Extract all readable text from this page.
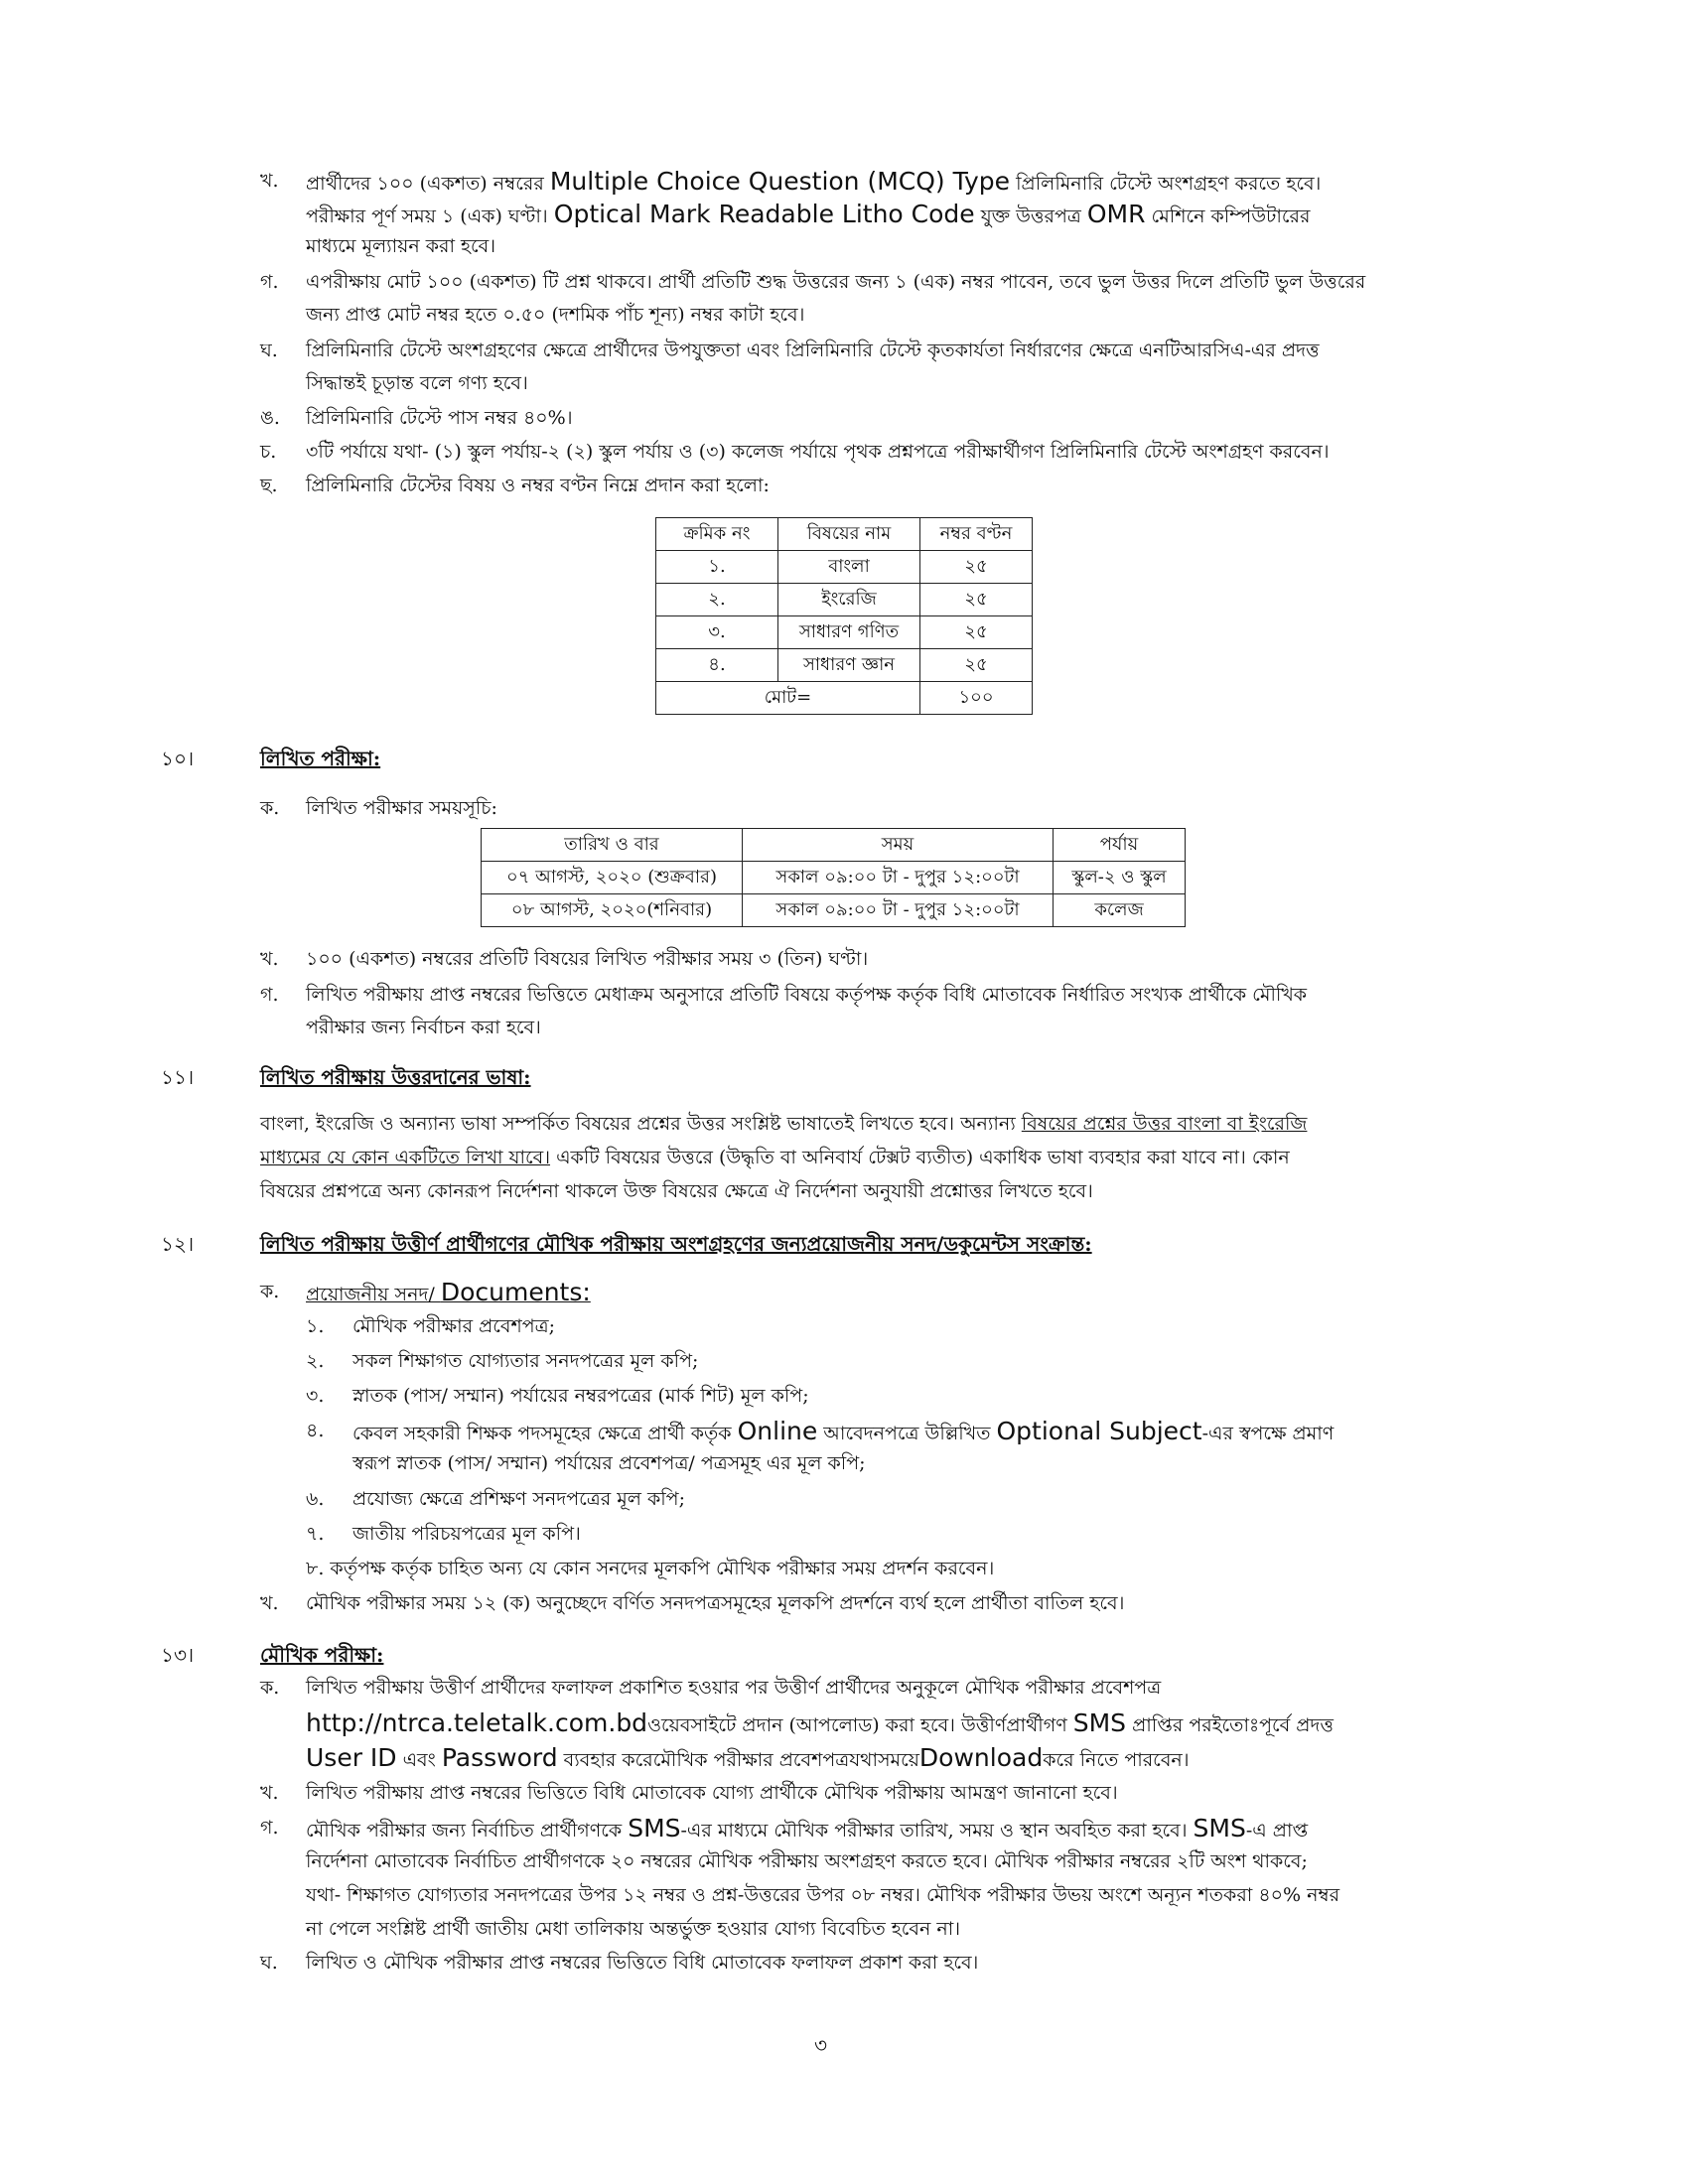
খ. প্রার্থীদের ১০০ (একশত) নম্বরের Multiple Choice Question (MCQ) Type প্রিলিমিনারি টেস্টে অংশগ্রহণ করতে হবে।
পরীক্ষার পূর্ণ সময় ১ (এক) ঘণ্টা। Optical Mark Readable Litho Code যুক্ত উত্তরপত্র OMR মেশিনে কম্পিউটারের
মাধ্যমে মূল্যায়ন করা হবে।
গ. এপরীক্ষায় মোট ১০০ (একশত) টি প্রশ্ন থাকবে। প্রার্থী প্রতিটি শুদ্ধ উত্তরের জন্য ১ (এক) নম্বর পাবেন, তবে ভুল উত্তর দিলে প্রতিটি ভুল উত্তরের
জন্য প্রাপ্ত মোট নম্বর হতে ০.৫০ (দশমিক পাঁচ শূন্য) নম্বর কাটা হবে।
ঘ. প্রিলিমিনারি টেস্টে অংশগ্রহণের ক্ষেত্রে প্রার্থীদের উপযুক্ততা এবং প্রিলিমিনারি টেস্টে কৃতকার্যতা নির্ধারণের ক্ষেত্রে এনটিআরসিএ-এর প্রদত্ত
সিদ্ধান্তই চূড়ান্ত বলে গণ্য হবে।
ঙ. প্রিলিমিনারি টেস্টে পাস নম্বর ৪০%।
চ. ৩টি পর্যায়ে যথা- (১) স্কুল পর্যায়-২ (২) স্কুল পর্যায় ও (৩) কলেজ পর্যায়ে পৃথক প্রশ্নপত্রে পরীক্ষার্থীগণ প্রিলিমিনারি টেস্টে অংশগ্রহণ করবেন।
ছ. প্রিলিমিনারি টেস্টের বিষয় ও নম্বর বণ্টন নিম্নে প্রদান করা হলো:
ক্রমিক নং	বিষয়ের নাম	নম্বর বণ্টন
১.	বাংলা	২৫
২.	ইংরেজি	২৫
৩.	সাধারণ গণিত	২৫
৪.	সাধারণ জ্ঞান	২৫
মোট=		১০০
১০।	লিখিত পরীক্ষা:
ক. লিখিত পরীক্ষার সময়সূচি:
তারিখ ও বার	সময়	পর্যায়
০৭ আগস্ট, ২০২০ (শুক্রবার)	সকাল ০৯:০০ টা - দুপুর ১২:০০টা	স্কুল-২ ও স্কুল
০৮ আগস্ট, ২০২০(শনিবার)	সকাল ০৯:০০ টা - দুপুর ১২:০০টা	কলেজ
খ. ১০০ (একশত) নম্বরের প্রতিটি বিষয়ের লিখিত পরীক্ষার সময় ৩ (তিন) ঘণ্টা।
গ. লিখিত পরীক্ষায় প্রাপ্ত নম্বরের ভিত্তিতে মেধাক্রম অনুসারে প্রতিটি বিষয়ে কর্তৃপক্ষ কর্তৃক বিধি মোতাবেক নির্ধারিত সংখ্যক প্রার্থীকে মৌখিক
পরীক্ষার জন্য নির্বাচন করা হবে।
১১।	লিখিত পরীক্ষায় উত্তরদানের ভাষা:
বাংলা, ইংরেজি ও অন্যান্য ভাষা সম্পর্কিত বিষয়ের প্রশ্নের উত্তর সংশ্লিষ্ট ভাষাতেই লিখতে হবে। অন্যান্য বিষয়ের প্রশ্নের উত্তর বাংলা বা ইংরেজি
মাধ্যমের যে কোন একটিতে লিখা যাবে। একটি বিষয়ের উত্তরে (উদ্ধৃতি বা অনিবার্য টেক্সট ব্যতীত) একাধিক ভাষা ব্যবহার করা যাবে না। কোন
বিষয়ের প্রশ্নপত্রে অন্য কোনরূপ নির্দেশনা থাকলে উক্ত বিষয়ের ক্ষেত্রে ঐ নির্দেশনা অনুযায়ী প্রশ্নোত্তর লিখতে হবে।
১২।	লিখিত পরীক্ষায় উত্তীর্ণ প্রার্থীগণের মৌখিক পরীক্ষায় অংশগ্রহণের জন্যপ্রয়োজনীয় সনদ/ডকুমেন্টস সংক্রান্ত:
ক. প্রয়োজনীয় সনদ/ Documents:
১. মৌখিক পরীক্ষার প্রবেশপত্র;
২. সকল শিক্ষাগত যোগ্যতার সনদপত্রের মূল কপি;
৩. স্নাতক (পাস/ সম্মান) পর্যায়ের নম্বরপত্রের (মার্ক শিট) মূল কপি;
৪. কেবল সহকারী শিক্ষক পদসমূহের ক্ষেত্রে প্রার্থী কর্তৃক Online আবেদনপত্রে উল্লিখিত Optional Subject-এর স্বপক্ষে প্রমাণ
স্বরূপ স্নাতক (পাস/ সম্মান) পর্যায়ের প্রবেশপত্র/ পত্রসমূহ এর মূল কপি;
৬. প্রযোজ্য ক্ষেত্রে প্রশিক্ষণ সনদপত্রের মূল কপি;
৭. জাতীয় পরিচয়পত্রের মূল কপি।
৮. কর্তৃপক্ষ কর্তৃক চাহিত অন্য যে কোন সনদের মূলকপি মৌখিক পরীক্ষার সময় প্রদর্শন করবেন।
খ. মৌখিক পরীক্ষার সময় ১২ (ক) অনুচ্ছেদে বর্ণিত সনদপত্রসমূহের মূলকপি প্রদর্শনে ব্যর্থ হলে প্রার্থীতা বাতিল হবে।
১৩।	মৌখিক পরীক্ষা:
ক. লিখিত পরীক্ষায় উত্তীর্ণ প্রার্থীদের ফলাফল প্রকাশিত হওয়ার পর উত্তীর্ণ প্রার্থীদের অনুকূলে মৌখিক পরীক্ষার প্রবেশপত্র
http://ntrca.teletalk.com.bdওয়েবসাইটে প্রদান (আপলোড) করা হবে। উত্তীর্ণপ্রার্থীগণ SMS প্রাপ্তির পরইতোঃপূর্বে প্রদত্ত
User ID এবং Password ব্যবহার করেমৌখিক পরীক্ষার প্রবেশপত্রযথাসময়েDownloadকরে নিতে পারবেন।
খ. লিখিত পরীক্ষায় প্রাপ্ত নম্বরের ভিত্তিতে বিধি মোতাবেক যোগ্য প্রার্থীকে মৌখিক পরীক্ষায় আমন্ত্রণ জানানো হবে।
গ. মৌখিক পরীক্ষার জন্য নির্বাচিত প্রার্থীগণকে SMS-এর মাধ্যমে মৌখিক পরীক্ষার তারিখ, সময় ও স্থান অবহিত করা হবে। SMS-এ প্রাপ্ত
নির্দেশনা মোতাবেক নির্বাচিত প্রার্থীগণকে ২০ নম্বরের মৌখিক পরীক্ষায় অংশগ্রহণ করতে হবে। মৌখিক পরীক্ষার নম্বরের ২টি অংশ থাকবে;
যথা- শিক্ষাগত যোগ্যতার সনদপত্রের উপর ১২ নম্বর ও প্রশ্ন-উত্তরের উপর ০৮ নম্বর। মৌখিক পরীক্ষার উভয় অংশে অন্যূন শতকরা ৪০% নম্বর
না পেলে সংশ্লিষ্ট প্রার্থী জাতীয় মেধা তালিকায় অন্তর্ভুক্ত হওয়ার যোগ্য বিবেচিত হবেন না।
ঘ. লিখিত ও মৌখিক পরীক্ষার প্রাপ্ত নম্বরের ভিত্তিতে বিধি মোতাবেক ফলাফল প্রকাশ করা হবে।
৩
